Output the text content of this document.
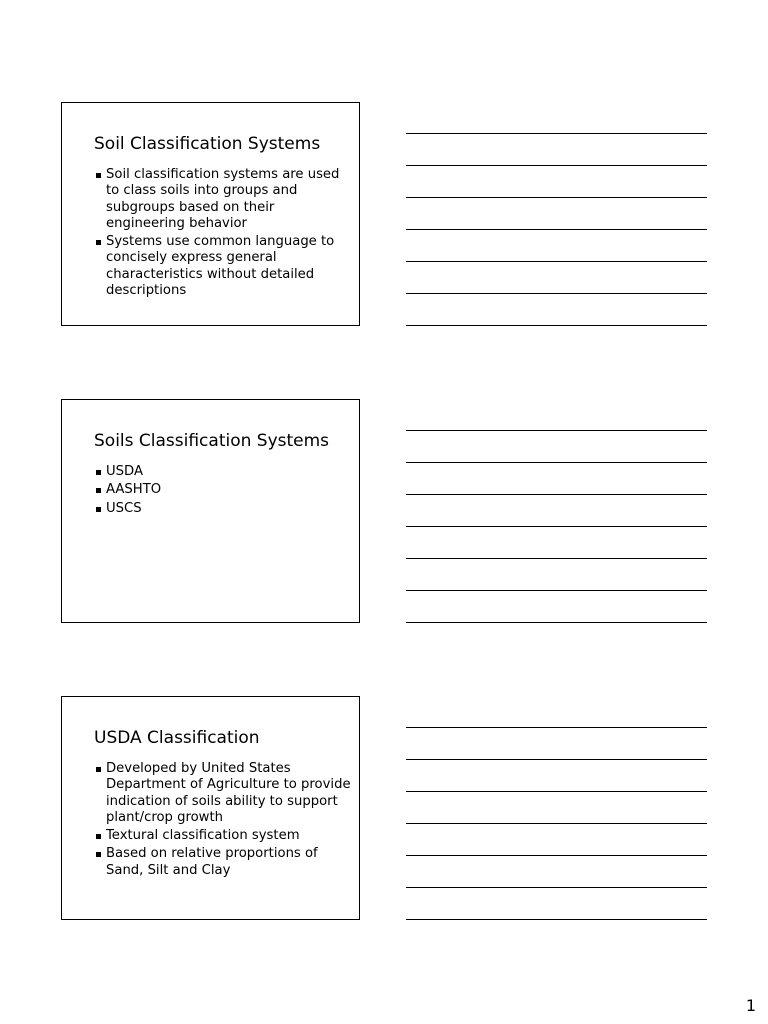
Soil Classification Systems
Soil classification systems are used to class soils into groups and subgroups based on their engineering behavior
Systems use common language to concisely express general characteristics without detailed descriptions
Soils Classification Systems
USDA
AASHTO
USCS
USDA Classification
Developed by United States Department of Agriculture to provide indication of soils ability to support plant/crop growth
Textural classification system
Based on relative proportions of Sand, Silt and Clay
1
